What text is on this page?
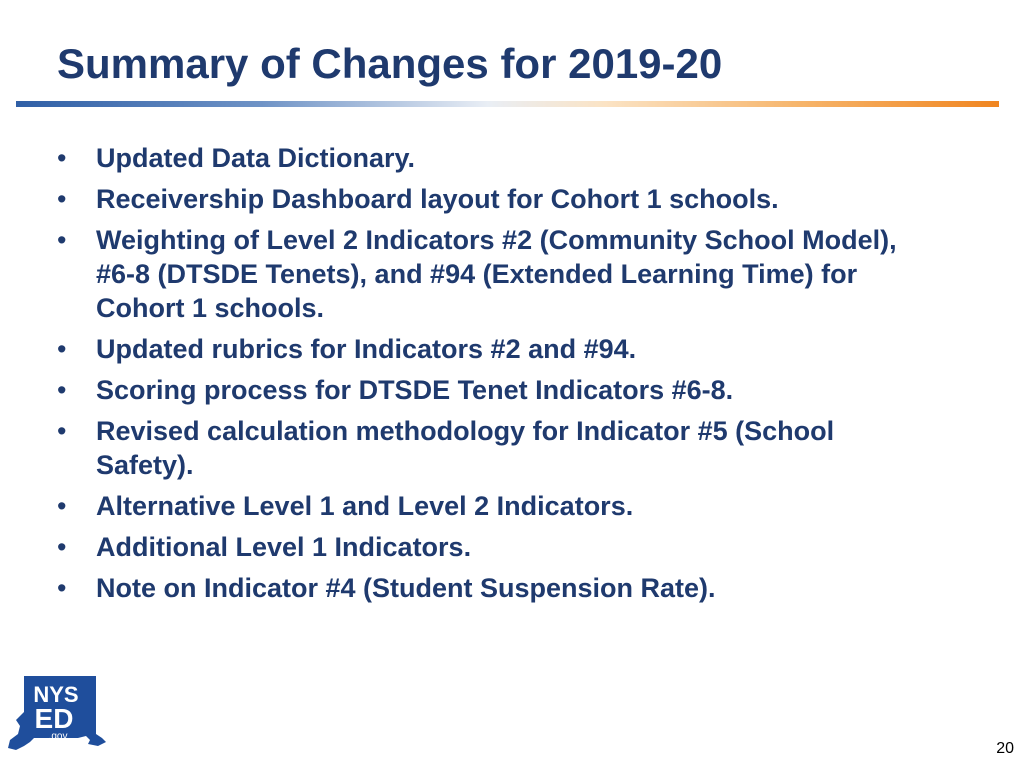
Summary of Changes for 2019-20
•	Updated Data Dictionary.
•	Receivership Dashboard layout for Cohort 1 schools.
•	Weighting of Level 2 Indicators #2 (Community School Model), #6-8 (DTSDE Tenets), and #94 (Extended Learning Time) for Cohort 1 schools.
•	Updated rubrics for Indicators #2 and #94.
•	Scoring process for DTSDE Tenet Indicators #6-8.
•	Revised calculation methodology for Indicator #5 (School Safety).
•	Alternative Level 1 and Level 2 Indicators.
•	Additional Level 1 Indicators.
•	Note on Indicator #4 (Student Suspension Rate).
NYS
ED
.gov
20
